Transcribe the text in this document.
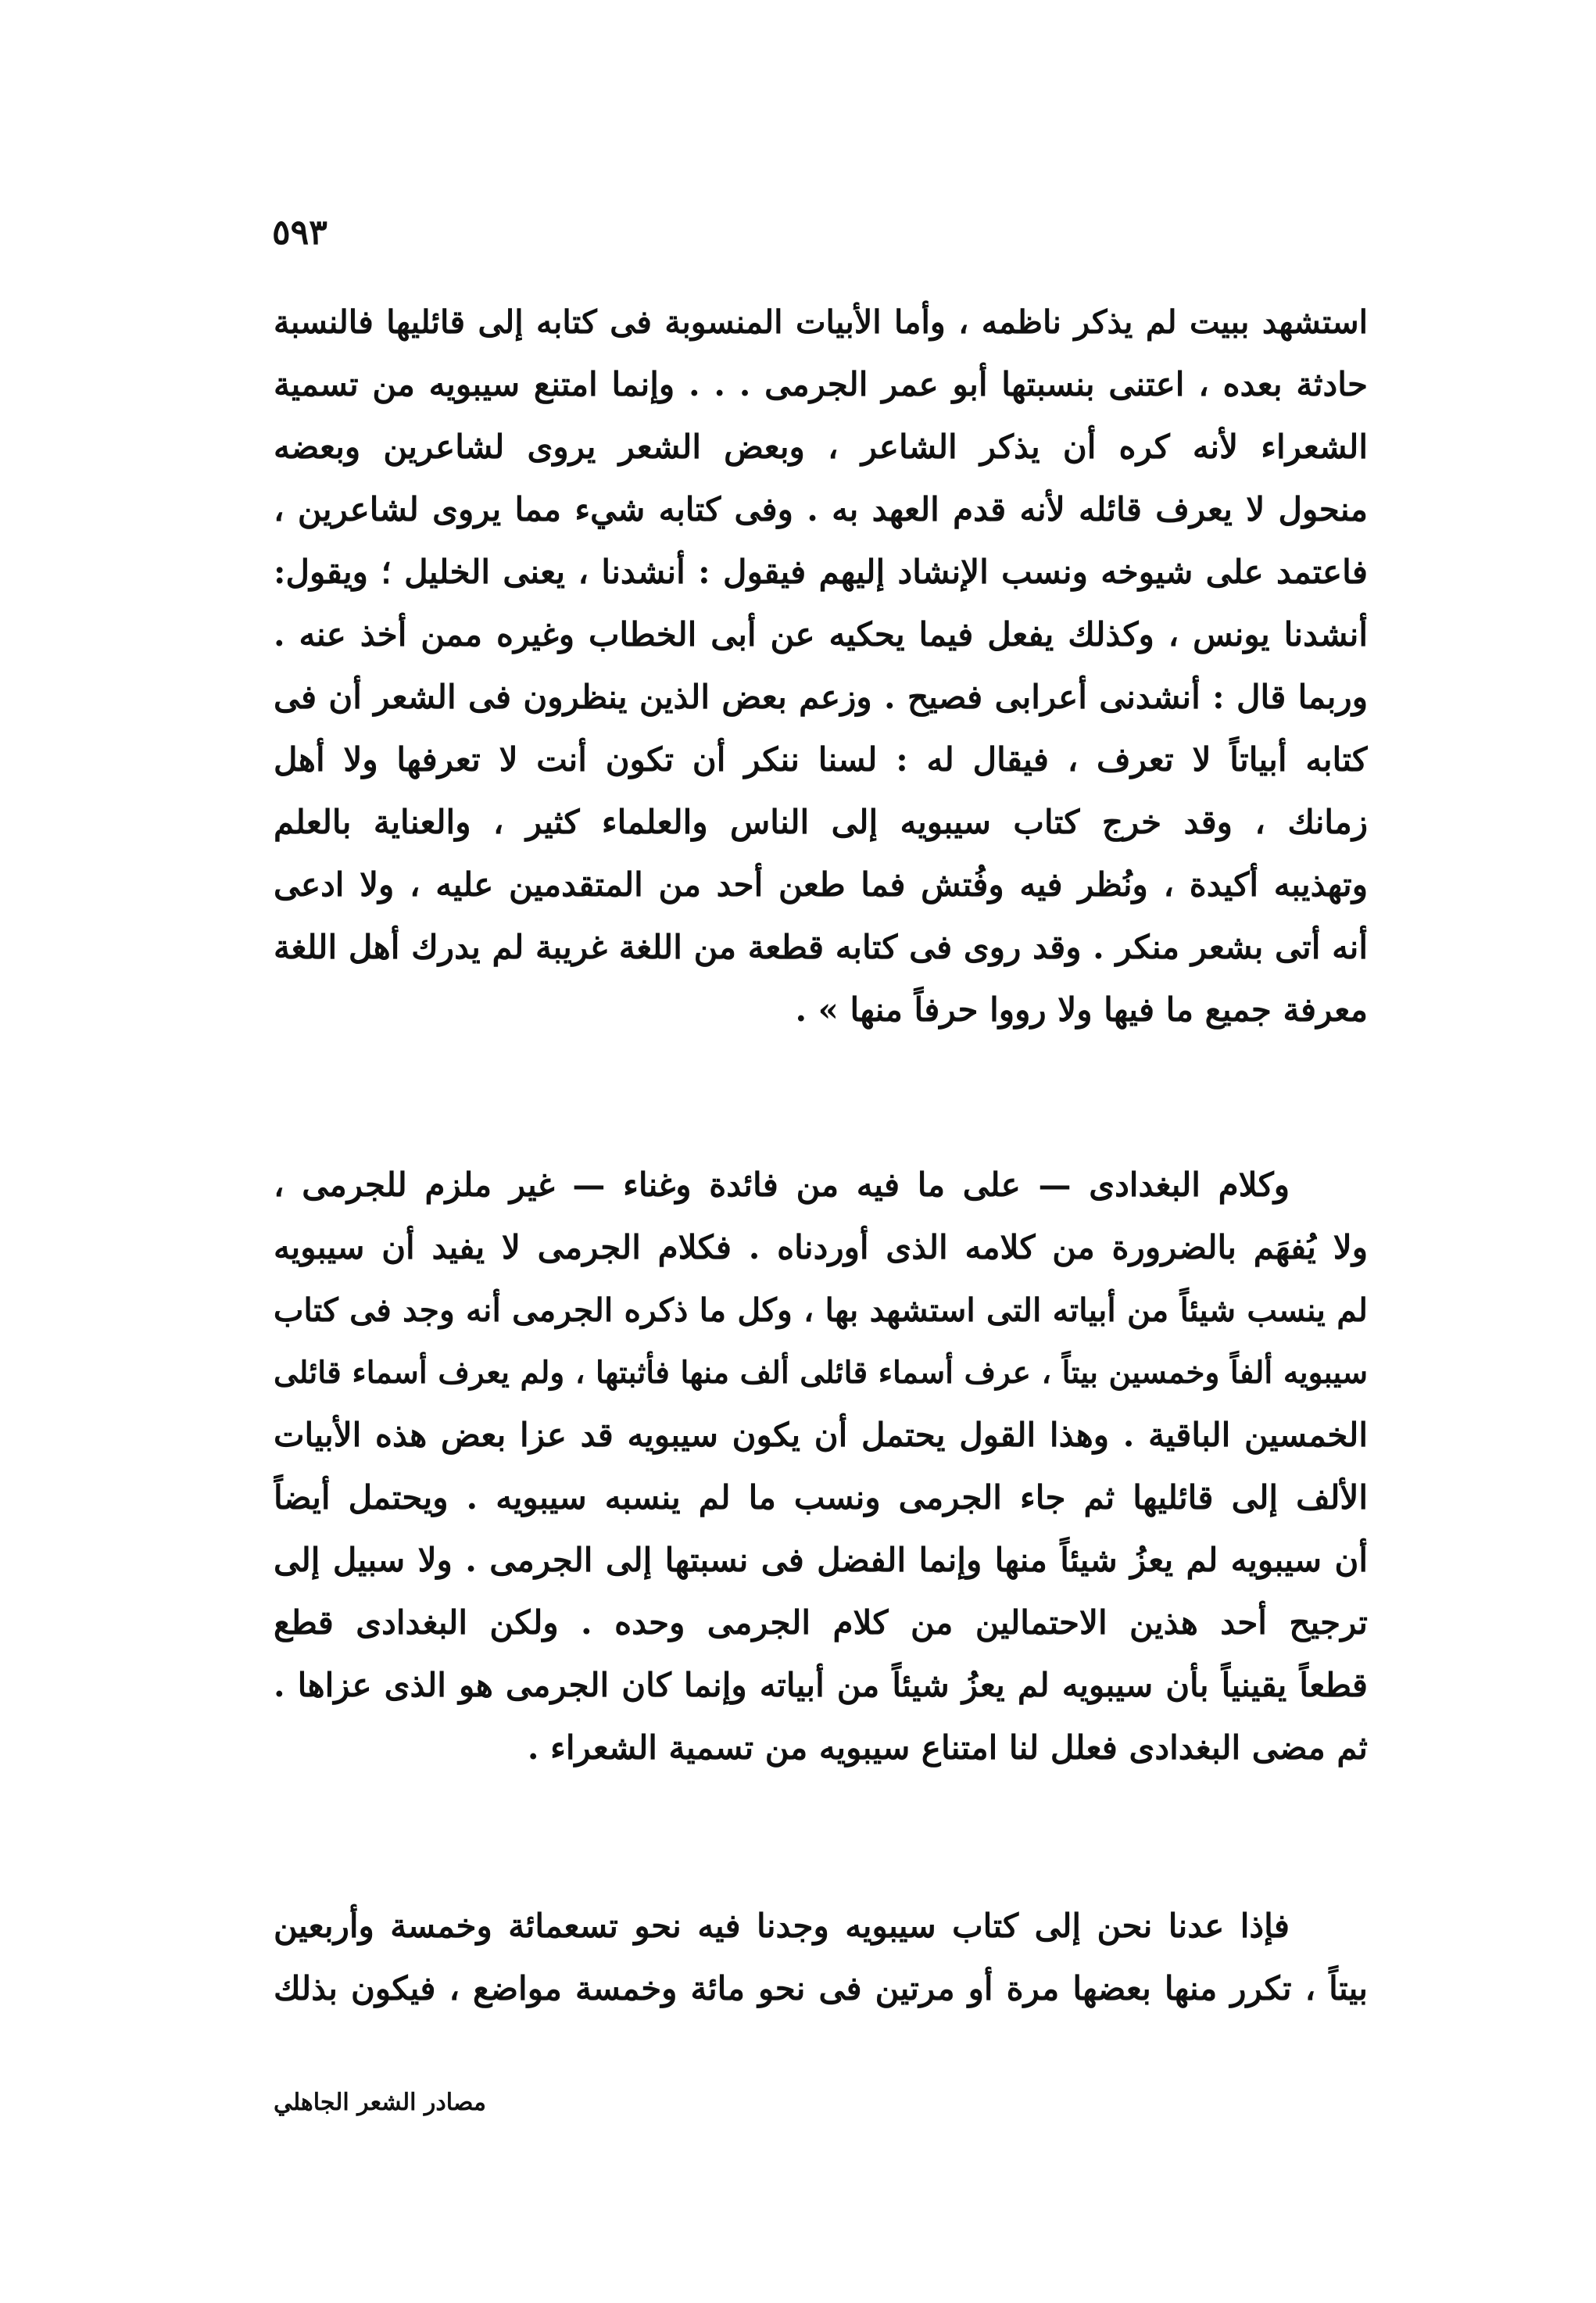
٥٩٣
استشهد ببيت لم يذكر ناظمه ، وأما الأبيات المنسوبة فى كتابه إلى قائليها فالنسبة
حادثة بعده ، اعتنى بنسبتها أبو عمر الجرمى . . . وإنما امتنع سيبويه من تسمية
الشعراء لأنه كره أن يذكر الشاعر ، وبعض الشعر يروى لشاعرين وبعضه
منحول لا يعرف قائله لأنه قدم العهد به . وفى كتابه شيء مما يروى لشاعرين ،
فاعتمد على شيوخه ونسب الإنشاد إليهم فيقول : أنشدنا ، يعنى الخليل ؛ ويقول:
أنشدنا يونس ، وكذلك يفعل فيما يحكيه عن أبى الخطاب وغيره ممن أخذ عنه .
وربما قال : أنشدنى أعرابى فصيح . وزعم بعض الذين ينظرون فى الشعر أن فى
كتابه أبياتاً لا تعرف ، فيقال له : لسنا ننكر أن تكون أنت لا تعرفها ولا أهل
زمانك ، وقد خرج كتاب سيبويه إلى الناس والعلماء كثير ، والعناية بالعلم
وتهذيبه أكيدة ، ونُظر فيه وفُتش فما طعن أحد من المتقدمين عليه ، ولا ادعى
أنه أتى بشعر منكر . وقد روى فى كتابه قطعة من اللغة غريبة لم يدرك أهل اللغة
معرفة جميع ما فيها ولا رووا حرفاً منها » .
وكلام البغدادى — على ما فيه من فائدة وغناء — غير ملزم للجرمى ،
ولا يُفهَم بالضرورة من كلامه الذى أوردناه . فكلام الجرمى لا يفيد أن سيبويه
لم ينسب شيئاً من أبياته التى استشهد بها ، وكل ما ذكره الجرمى أنه وجد فى كتاب
سيبويه ألفاً وخمسين بيتاً ، عرف أسماء قائلى ألف منها فأثبتها ، ولم يعرف أسماء قائلى
الخمسين الباقية . وهذا القول يحتمل أن يكون سيبويه قد عزا بعض هذه الأبيات
الألف إلى قائليها ثم جاء الجرمى ونسب ما لم ينسبه سيبويه . ويحتمل أيضاً
أن سيبويه لم يعزُ شيئاً منها وإنما الفضل فى نسبتها إلى الجرمى . ولا سبيل إلى
ترجيح أحد هذين الاحتمالين من كلام الجرمى وحده . ولكن البغدادى قطع
قطعاً يقينياً بأن سيبويه لم يعزُ شيئاً من أبياته وإنما كان الجرمى هو الذى عزاها .
ثم مضى البغدادى فعلل لنا امتناع سيبويه من تسمية الشعراء .
فإذا عدنا نحن إلى كتاب سيبويه وجدنا فيه نحو تسعمائة وخمسة وأربعين
بيتاً ، تكرر منها بعضها مرة أو مرتين فى نحو مائة وخمسة مواضع ، فيكون بذلك
مصادر الشعر الجاهلي
